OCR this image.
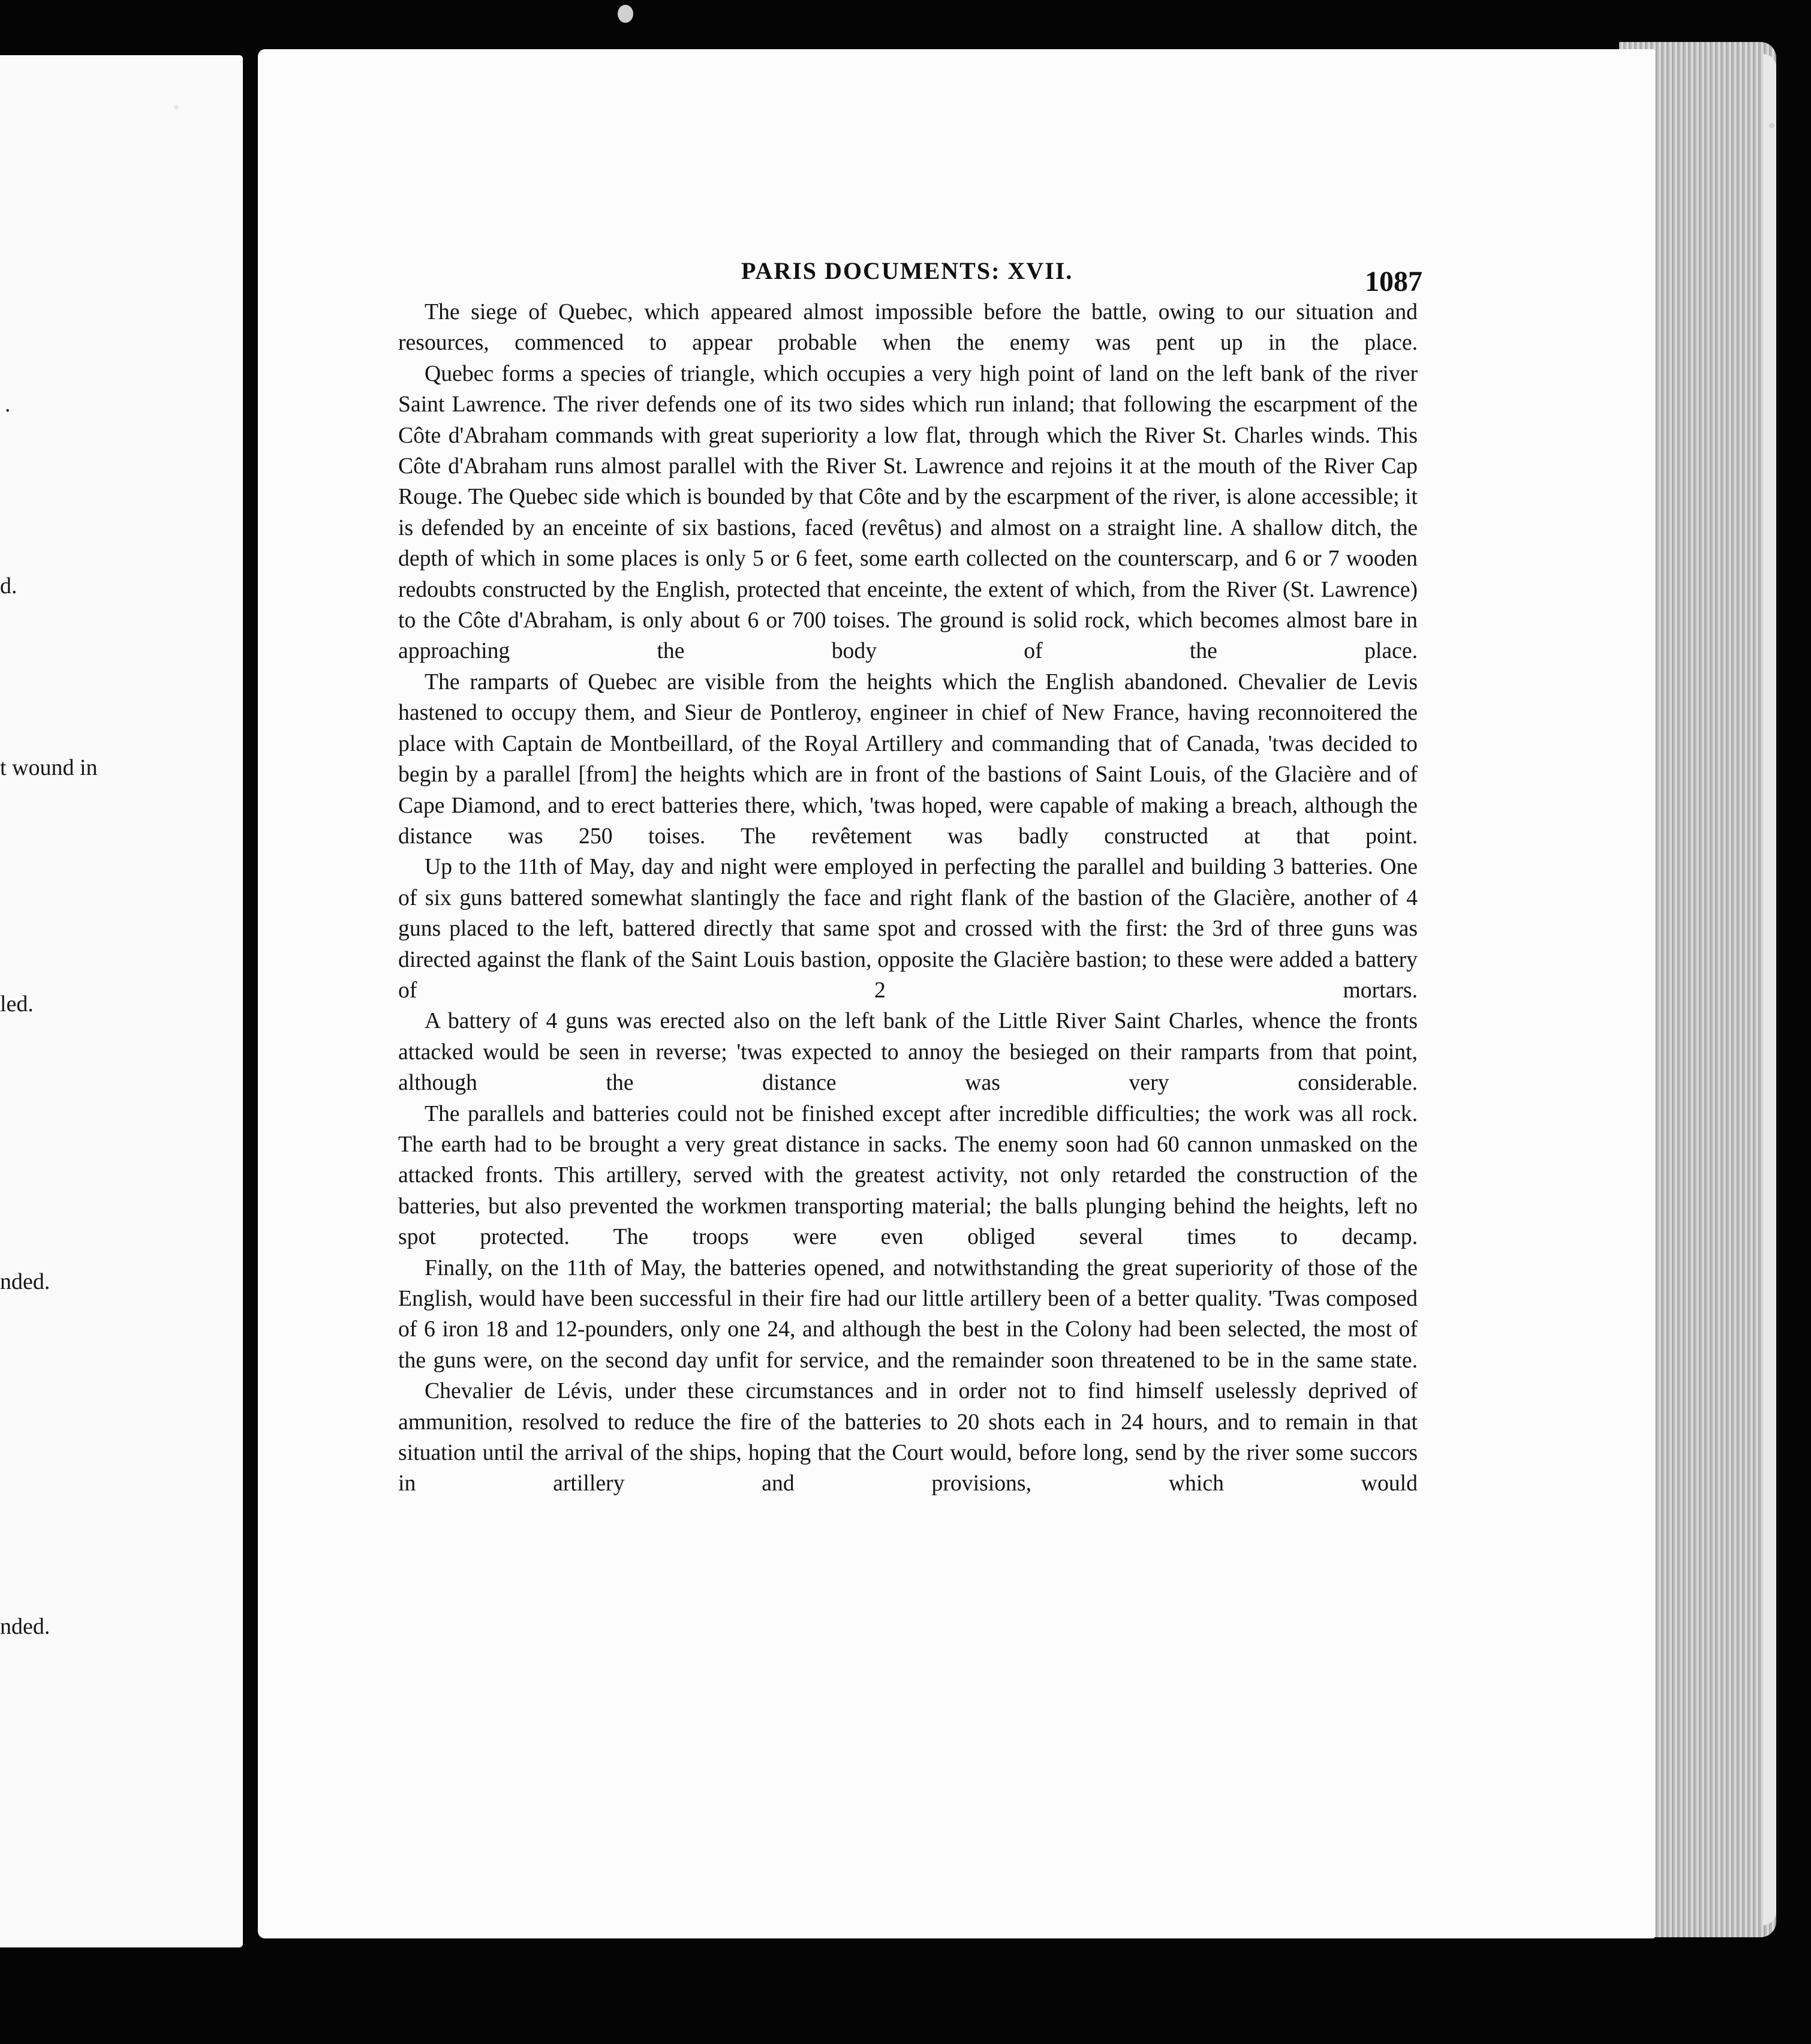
.
d.
t wound in
led.
nded.
nded.
PARIS DOCUMENTS: XVII.	1087

The siege of Quebec, which appeared almost impossible before the battle, owing to our situation and resources, commenced to appear probable when the enemy was pent up in the place.

Quebec forms a species of triangle, which occupies a very high point of land on the left bank of the river Saint Lawrence. The river defends one of its two sides which run inland; that following the escarpment of the Côte d'Abraham commands with great superiority a low flat, through which the River St. Charles winds. This Côte d'Abraham runs almost parallel with the River St. Lawrence and rejoins it at the mouth of the River Cap Rouge. The Quebec side which is bounded by that Côte and by the escarpment of the river, is alone accessible; it is defended by an enceinte of six bastions, faced (revêtus) and almost on a straight line. A shallow ditch, the depth of which in some places is only 5 or 6 feet, some earth collected on the counterscarp, and 6 or 7 wooden redoubts constructed by the English, protected that enceinte, the extent of which, from the River (St. Lawrence) to the Côte d'Abraham, is only about 6 or 700 toises. The ground is solid rock, which becomes almost bare in approaching the body of the place.

The ramparts of Quebec are visible from the heights which the English abandoned. Chevalier de Levis hastened to occupy them, and Sieur de Pontleroy, engineer in chief of New France, having reconnoitered the place with Captain de Montbeillard, of the Royal Artillery and commanding that of Canada, 'twas decided to begin by a parallel [from] the heights which are in front of the bastions of Saint Louis, of the Glacière and of Cape Diamond, and to erect batteries there, which, 'twas hoped, were capable of making a breach, although the distance was 250 toises. The revêtement was badly constructed at that point.

Up to the 11th of May, day and night were employed in perfecting the parallel and building 3 batteries. One of six guns battered somewhat slantingly the face and right flank of the bastion of the Glacière, another of 4 guns placed to the left, battered directly that same spot and crossed with the first: the 3rd of three guns was directed against the flank of the Saint Louis bastion, opposite the Glacière bastion; to these were added a battery of 2 mortars.

A battery of 4 guns was erected also on the left bank of the Little River Saint Charles, whence the fronts attacked would be seen in reverse; 'twas expected to annoy the besieged on their ramparts from that point, although the distance was very considerable.

The parallels and batteries could not be finished except after incredible difficulties; the work was all rock. The earth had to be brought a very great distance in sacks. The enemy soon had 60 cannon unmasked on the attacked fronts. This artillery, served with the greatest activity, not only retarded the construction of the batteries, but also prevented the workmen transporting material; the balls plunging behind the heights, left no spot protected. The troops were even obliged several times to decamp.

Finally, on the 11th of May, the batteries opened, and notwithstanding the great superiority of those of the English, would have been successful in their fire had our little artillery been of a better quality. 'Twas composed of 6 iron 18 and 12-pounders, only one 24, and although the best in the Colony had been selected, the most of the guns were, on the second day unfit for service, and the remainder soon threatened to be in the same state.

Chevalier de Lévis, under these circumstances and in order not to find himself uselessly deprived of ammunition, resolved to reduce the fire of the batteries to 20 shots each in 24 hours, and to remain in that situation until the arrival of the ships, hoping that the Court would, before long, send by the river some succors in artillery and provisions, which would
